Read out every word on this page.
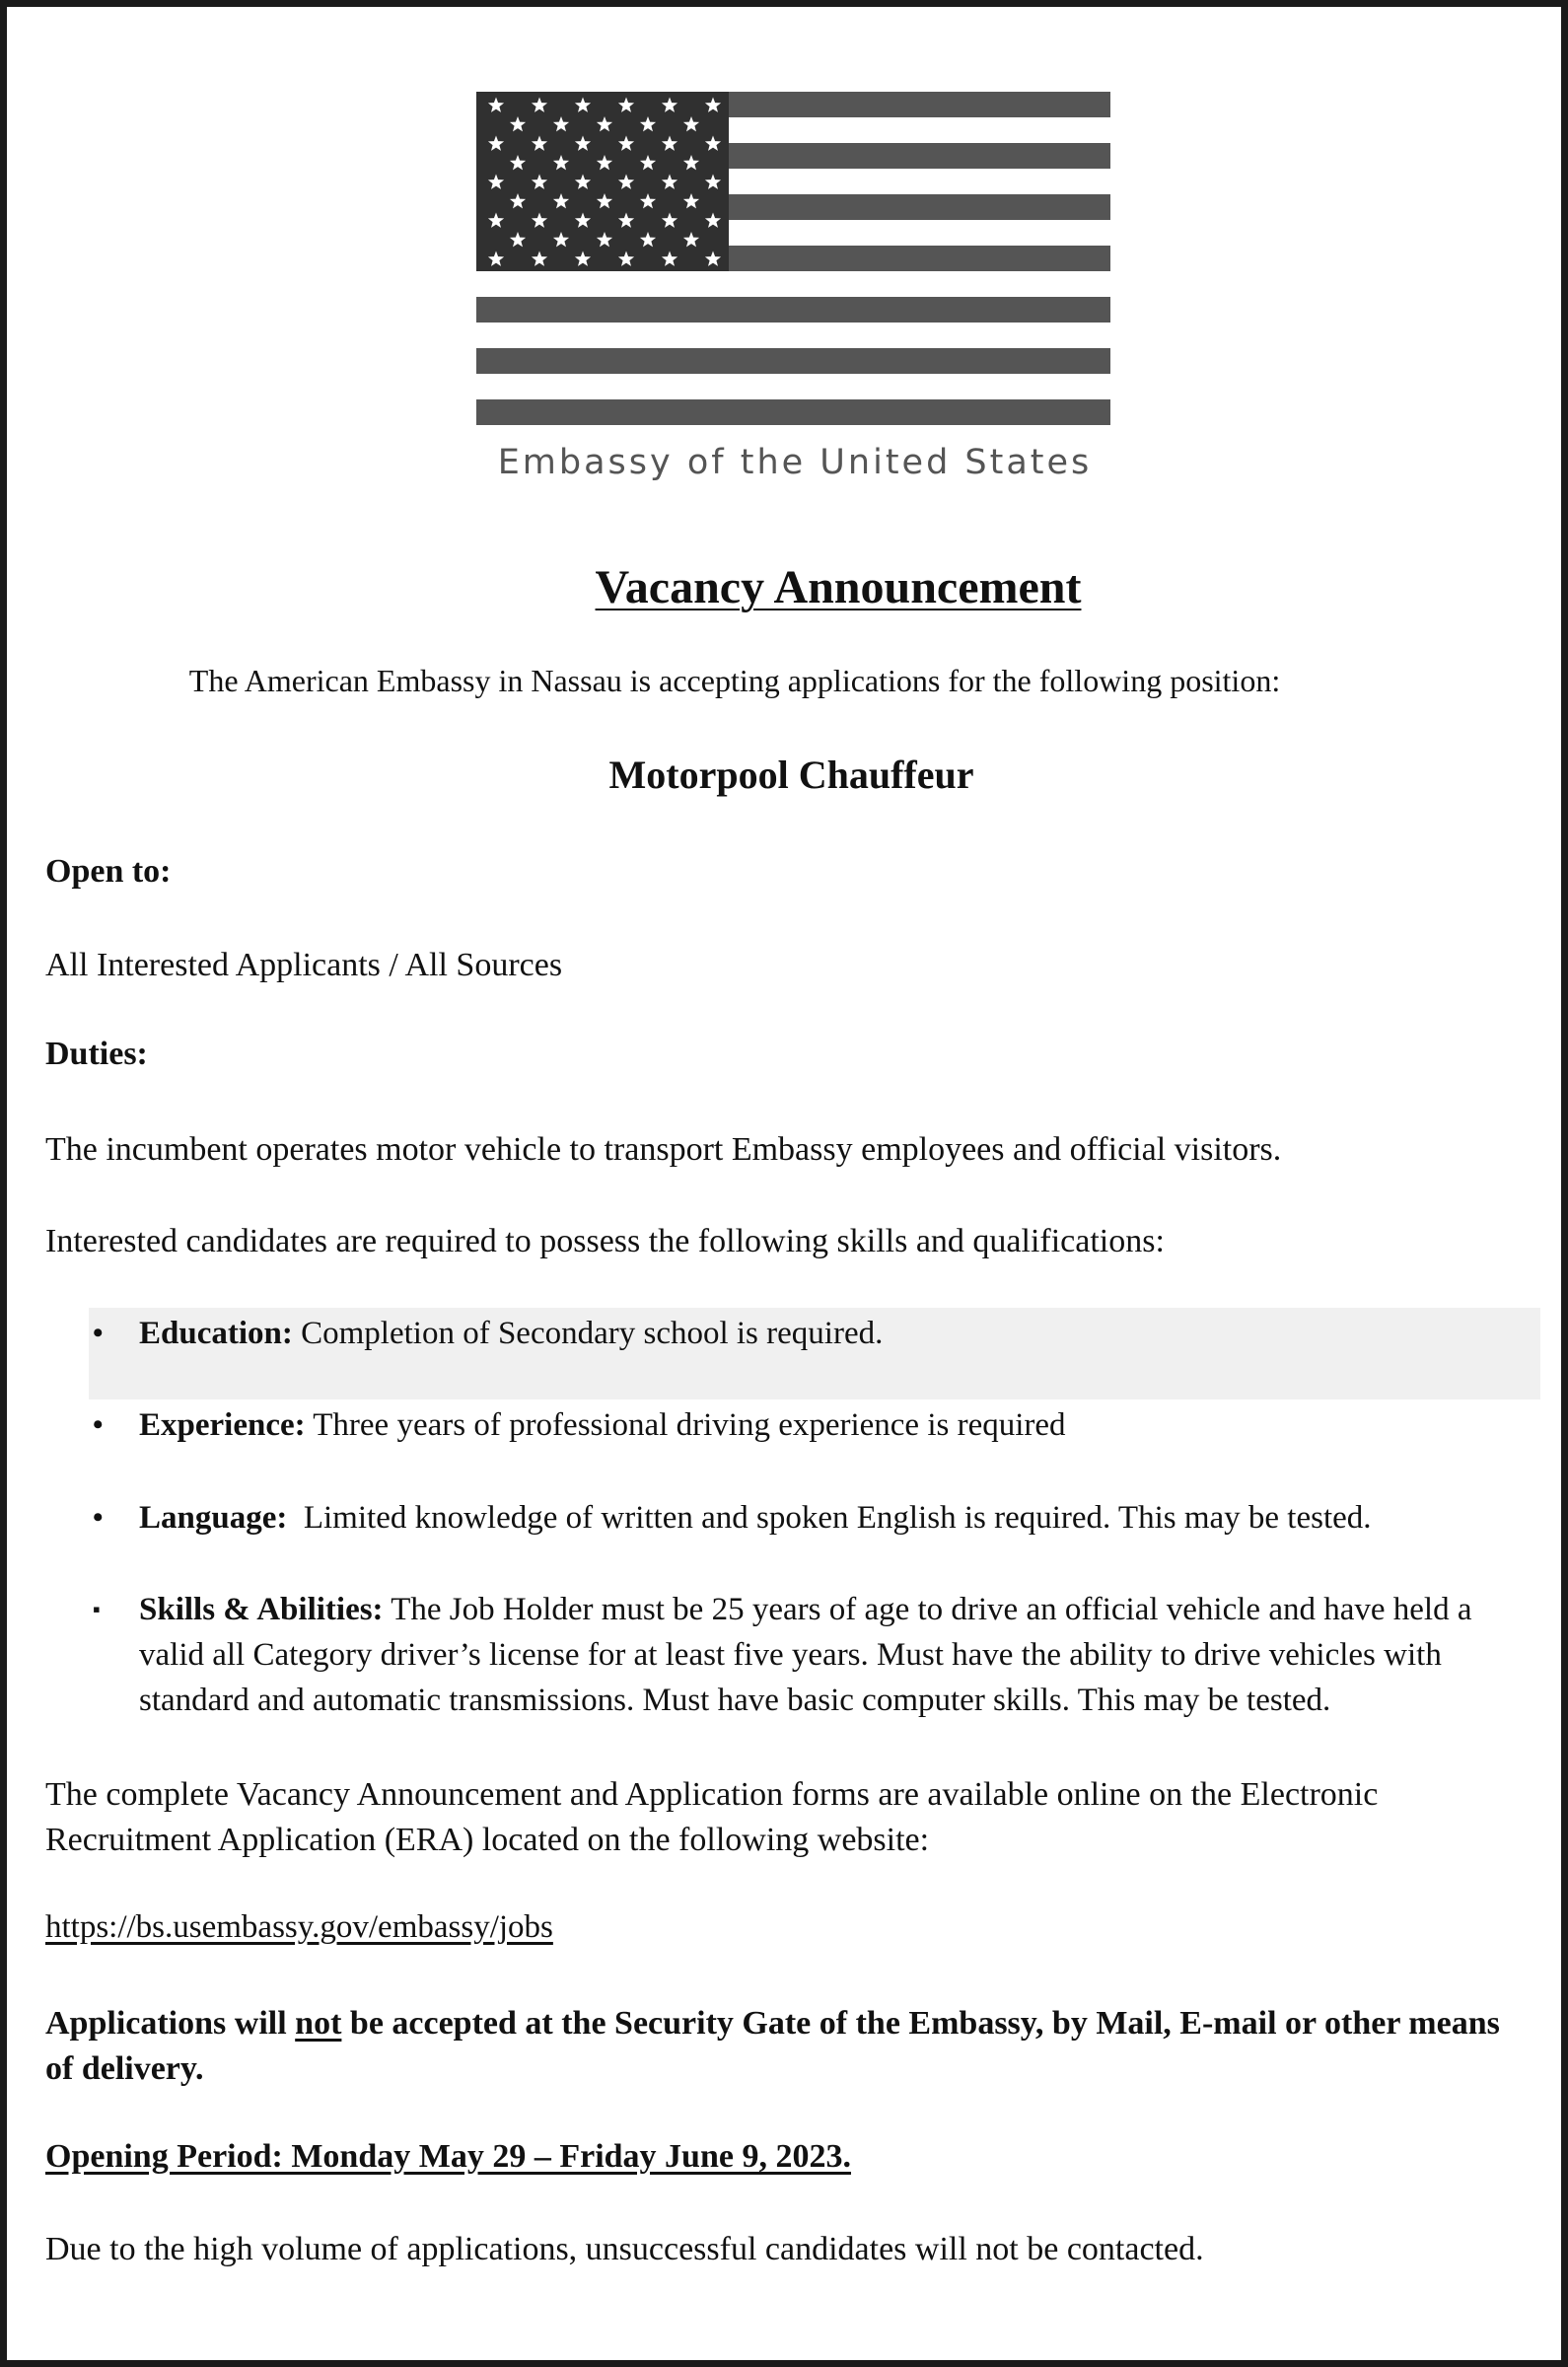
Embassy of the United States
Vacancy Announcement
The American Embassy in Nassau is accepting applications for the following position:
Motorpool Chauffeur
Open to:
All Interested Applicants / All Sources
Duties:
The incumbent operates motor vehicle to transport Embassy employees and official visitors.
Interested candidates are required to possess the following skills and qualifications:
• Education: Completion of Secondary school is required.
• Experience: Three years of professional driving experience is required
• Language:  Limited knowledge of written and spoken English is required. This may be tested.
▪ Skills & Abilities: The Job Holder must be 25 years of age to drive an official vehicle and have held a valid all Category driver’s license for at least five years. Must have the ability to drive vehicles with standard and automatic transmissions. Must have basic computer skills. This may be tested.
The complete Vacancy Announcement and Application forms are available online on the Electronic Recruitment Application (ERA) located on the following website:
https://bs.usembassy.gov/embassy/jobs
Applications will not be accepted at the Security Gate of the Embassy, by Mail, E-mail or other means of delivery.
Opening Period: Monday May 29 – Friday June 9, 2023.
Due to the high volume of applications, unsuccessful candidates will not be contacted.
